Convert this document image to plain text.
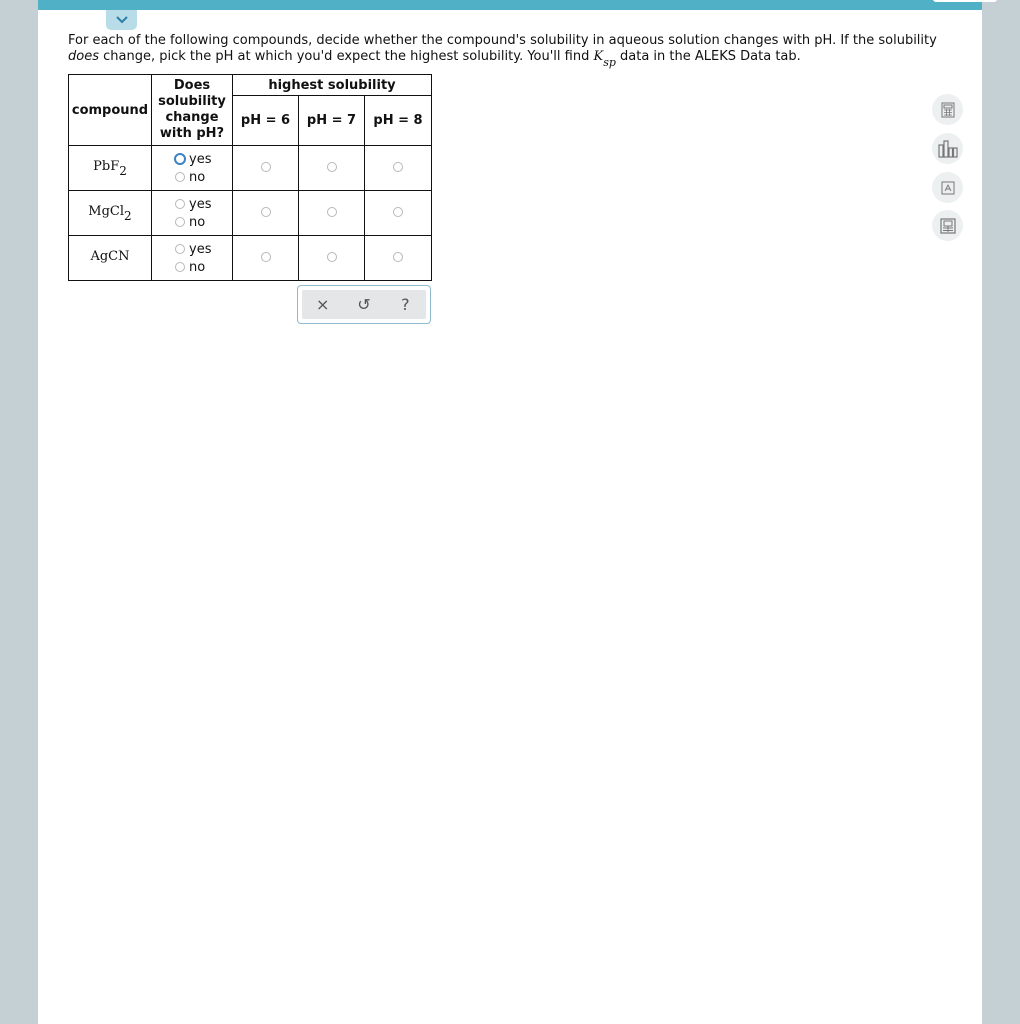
For each of the following compounds, decide whether the compound's solubility in aqueous solution changes with pH. If the solubility does change, pick the pH at which you'd expect the highest solubility. You'll find $K_{sp}$ data in the ALEKS Data tab.
compound	Does
solubility
change
with pH?	highest solubility		
		pH = 6	pH = 7	pH = 8
PbF$_2$	yes
no			

MgCl$_2$	yes
no			

AgCN	yes
no			

×	↺	?
